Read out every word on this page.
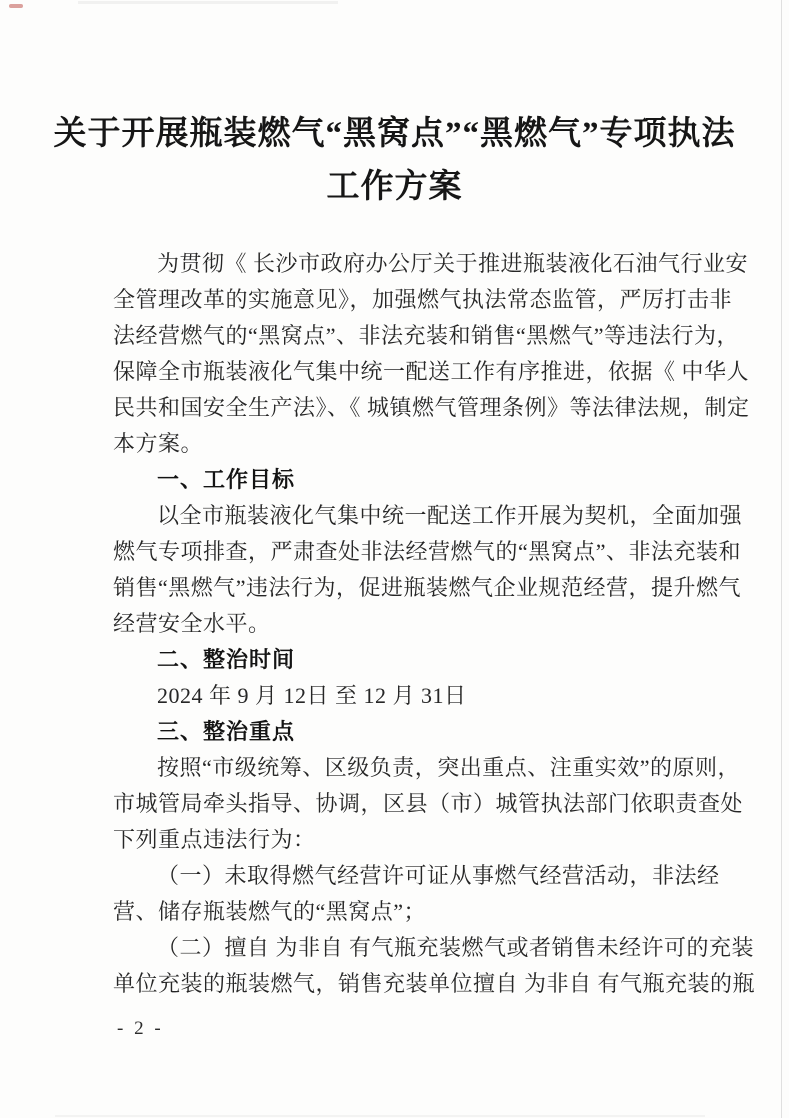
关于开展瓶装燃气“黑窝点”“黑燃气”专项执法
工作方案
为贯彻《 长沙市政府办公厅关于推进瓶装液化石油气行业安
全管理改革的实施意见》，加强燃气执法常态监管，严厉打击非
法经营燃气的“黑窝点”、非法充装和销售“黑燃气”等违法行为，
保障全市瓶装液化气集中统一配送工作有序推进，依据《 中华人
民共和国安全生产法》、《 城镇燃气管理条例》等法律法规，制定
本方案。
一、工作目标
以全市瓶装液化气集中统一配送工作开展为契机，全面加强
燃气专项排查，严肃查处非法经营燃气的“黑窝点”、非法充装和
销售“黑燃气”违法行为，促进瓶装燃气企业规范经营，提升燃气
经营安全水平。
二、整治时间
2024 年 9 月 12日 至 12 月 31日
三、整治重点
按照“市级统筹、区级负责，突出重点、注重实效”的原则，
市城管局牵头指导、协调，区县（市）城管执法部门依职责查处
下列重点违法行为：
（一）未取得燃气经营许可证从事燃气经营活动，非法经
营、储存瓶装燃气的“黑窝点”；
（二）擅自 为非自 有气瓶充装燃气或者销售未经许可的充装
单位充装的瓶装燃气，销售充装单位擅自 为非自 有气瓶充装的瓶
- 2 -
